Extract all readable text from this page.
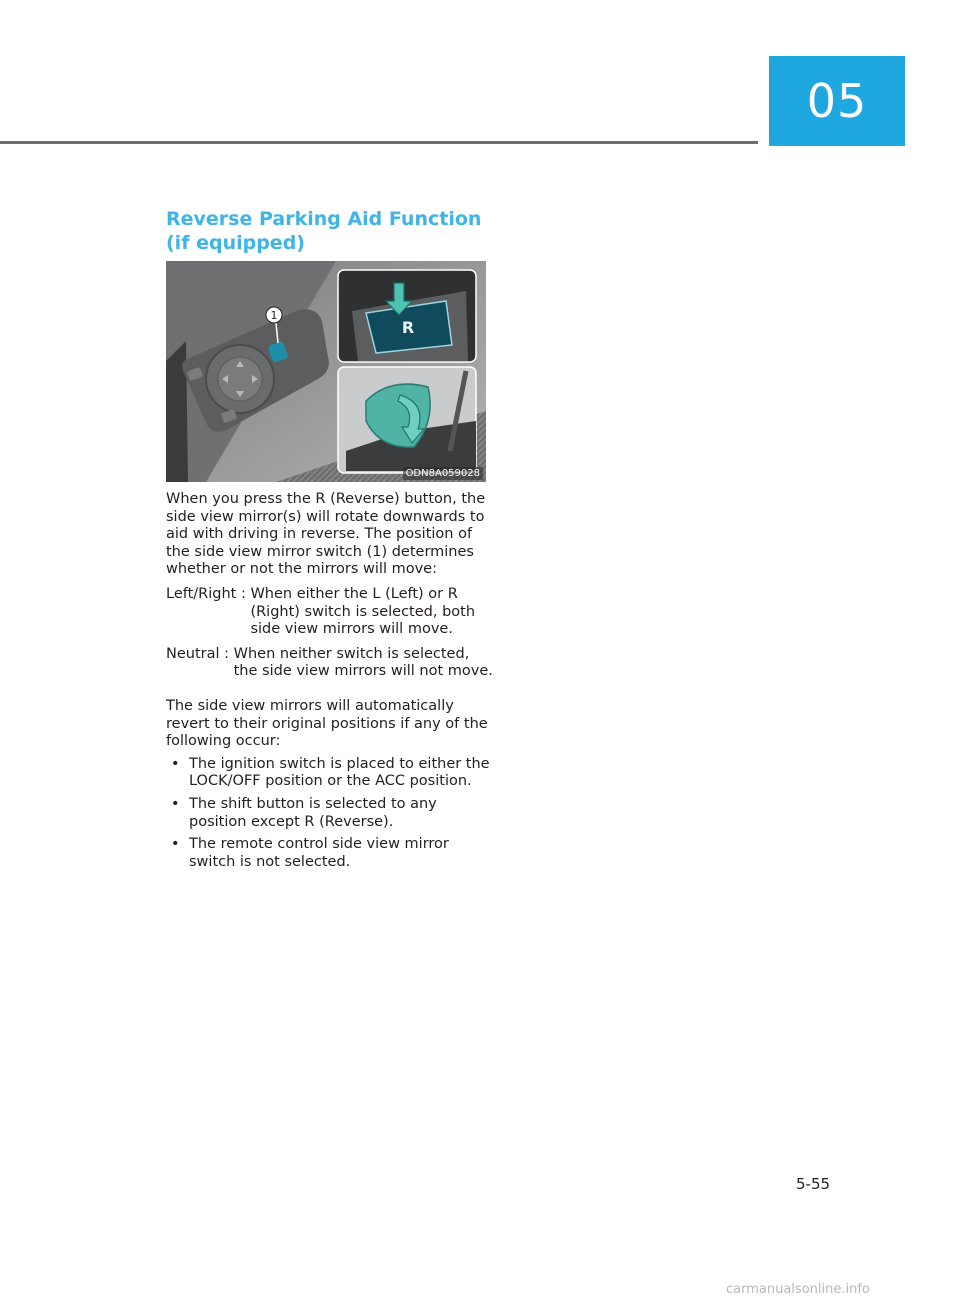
05
Reverse Parking Aid Function
(if equipped)
1
R
ODN8A059028

When you press the R (Reverse) button, the side view mirror(s) will rotate downwards to aid with driving in reverse. The position of the side view mirror switch (1) determines whether or not the mirrors will move:

Left/Right : When either the L (Left) or R (Right) switch is selected, both side view mirrors will move.
Neutral : When neither switch is selected, the side view mirrors will not move.

The side view mirrors will automatically revert to their original positions if any of the following occur:

• The ignition switch is placed to either the LOCK/OFF position or the ACC position.
• The shift button is selected to any position except R (Reverse).
• The remote control side view mirror switch is not selected.
5-55
carmanualsonline.info
